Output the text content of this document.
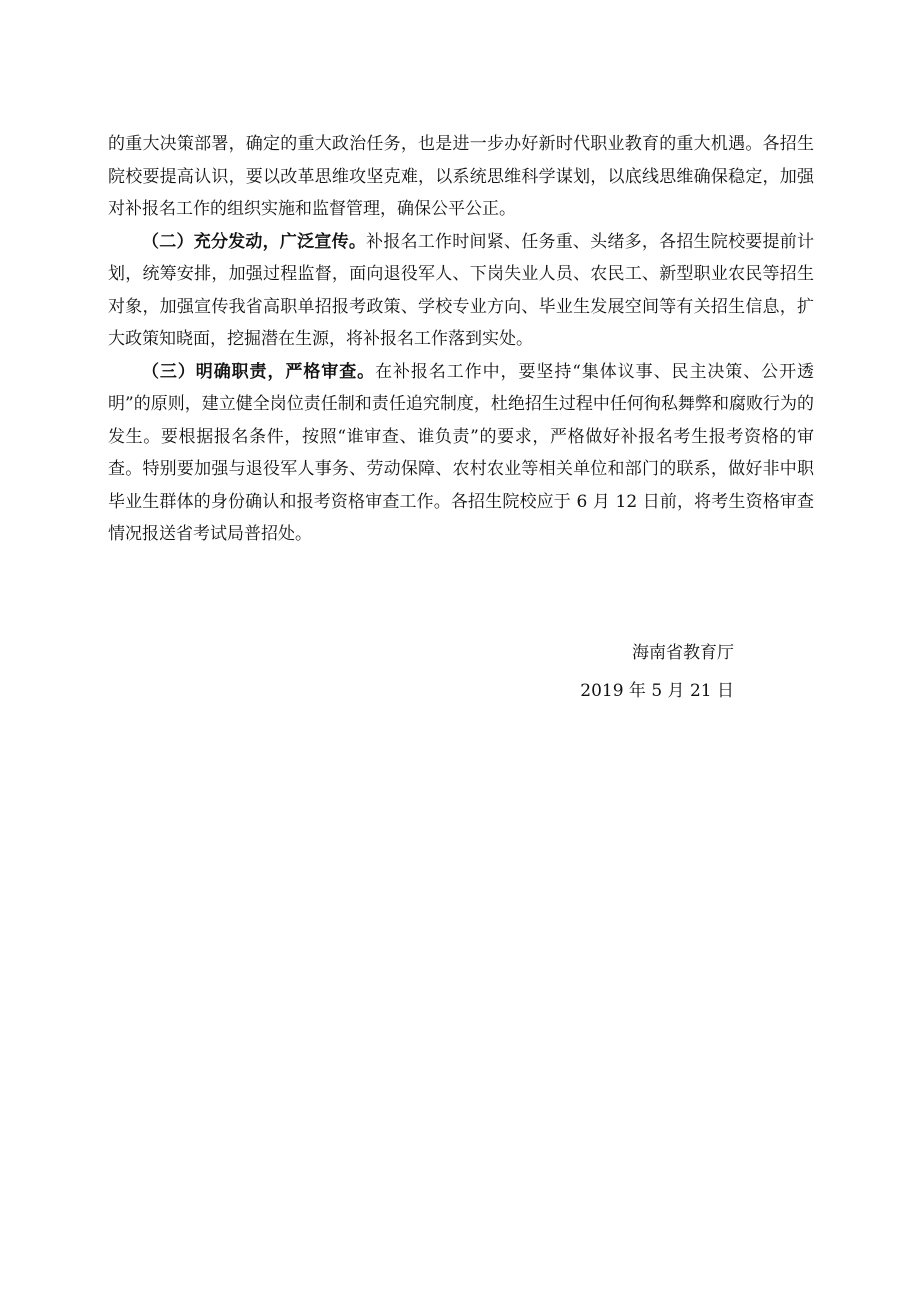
的重大决策部署，确定的重大政治任务，也是进一步办好新时代职业教育的重大机遇。各招生院校要提高认识，要以改革思维攻坚克难，以系统思维科学谋划，以底线思维确保稳定，加强对补报名工作的组织实施和监督管理，确保公平公正。

（二）充分发动，广泛宣传。补报名工作时间紧、任务重、头绪多，各招生院校要提前计划，统筹安排，加强过程监督，面向退役军人、下岗失业人员、农民工、新型职业农民等招生对象，加强宣传我省高职单招报考政策、学校专业方向、毕业生发展空间等有关招生信息，扩大政策知晓面，挖掘潜在生源，将补报名工作落到实处。

（三）明确职责，严格审查。在补报名工作中，要坚持“集体议事、民主决策、公开透明”的原则，建立健全岗位责任制和责任追究制度，杜绝招生过程中任何徇私舞弊和腐败行为的发生。要根据报名条件，按照“谁审查、谁负责”的要求，严格做好补报名考生报考资格的审查。特别要加强与退役军人事务、劳动保障、农村农业等相关单位和部门的联系，做好非中职毕业生群体的身份确认和报考资格审查工作。各招生院校应于 6 月 12 日前，将考生资格审查情况报送省考试局普招处。

海南省教育厅
2019 年 5 月 21 日
